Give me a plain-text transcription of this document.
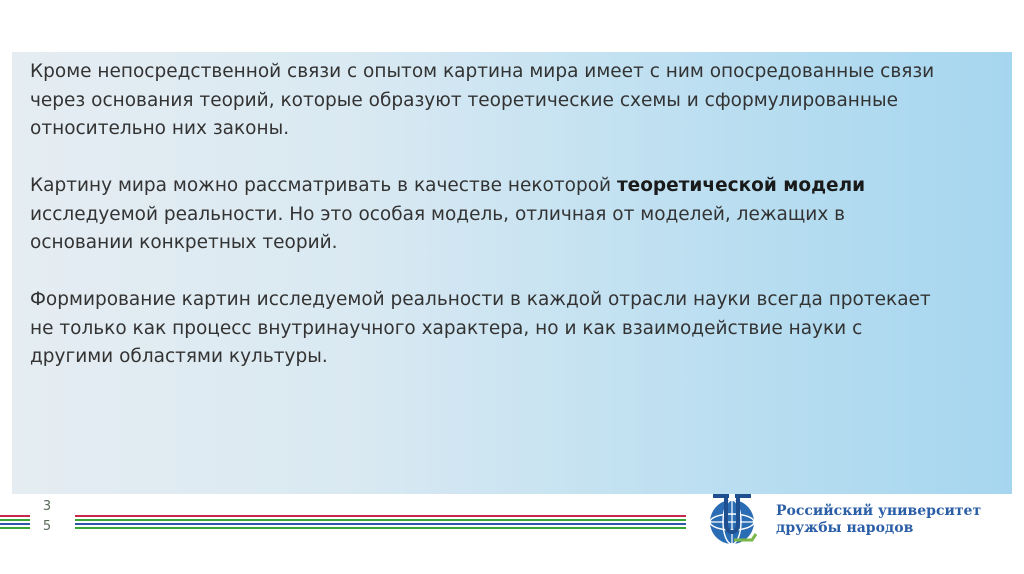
Кроме непосредственной связи с опытом картина мира имеет с ним опосредованные связи через основания теорий, которые образуют теоретические схемы и сформулированные относительно них законы.

Картину мира можно рассматривать в качестве некоторой теоретической модели исследуемой реальности. Но это особая модель, отличная от моделей, лежащих в основании конкретных теорий.

Формирование картин исследуемой реальности в каждой отрасли науки всегда протекает не только как процесс внутринаучного характера, но и как взаимодействие науки с другими областями культуры.

3
5
Российский университет
дружбы народов
